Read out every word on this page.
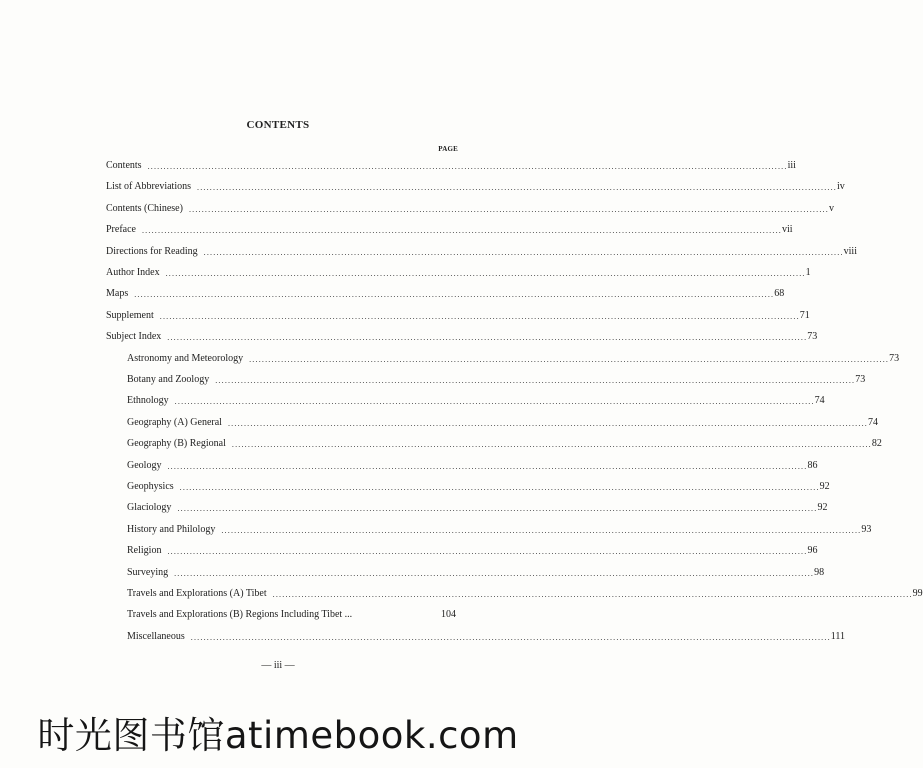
CONTENTS
PAGE
Contents ........................................................................................................................................................................................................ iii
List of Abbreviations ........................................................................................................................................................................................................ iv
Contents (Chinese) ........................................................................................................................................................................................................ v
Preface ........................................................................................................................................................................................................ vii
Directions for Reading ........................................................................................................................................................................................................ viii
Author Index ........................................................................................................................................................................................................ 1
Maps ........................................................................................................................................................................................................ 68
Supplement ........................................................................................................................................................................................................ 71
Subject Index ........................................................................................................................................................................................................ 73
Astronomy and Meteorology ........................................................................................................................................................................................................ 73
Botany and Zoology ........................................................................................................................................................................................................ 73
Ethnology ........................................................................................................................................................................................................ 74
Geography (A) General ........................................................................................................................................................................................................ 74
Geography (B) Regional ........................................................................................................................................................................................................ 82
Geology ........................................................................................................................................................................................................ 86
Geophysics ........................................................................................................................................................................................................ 92
Glaciology ........................................................................................................................................................................................................ 92
History and Philology ........................................................................................................................................................................................................ 93
Religion ........................................................................................................................................................................................................ 96
Surveying ........................................................................................................................................................................................................ 98
Travels and Explorations (A) Tibet ........................................................................................................................................................................................................ 99
Travels and Explorations (B) Regions Including Tibet ...	104
Miscellaneous ........................................................................................................................................................................................................ 111
— iii —
时光图书馆atimebook.com
